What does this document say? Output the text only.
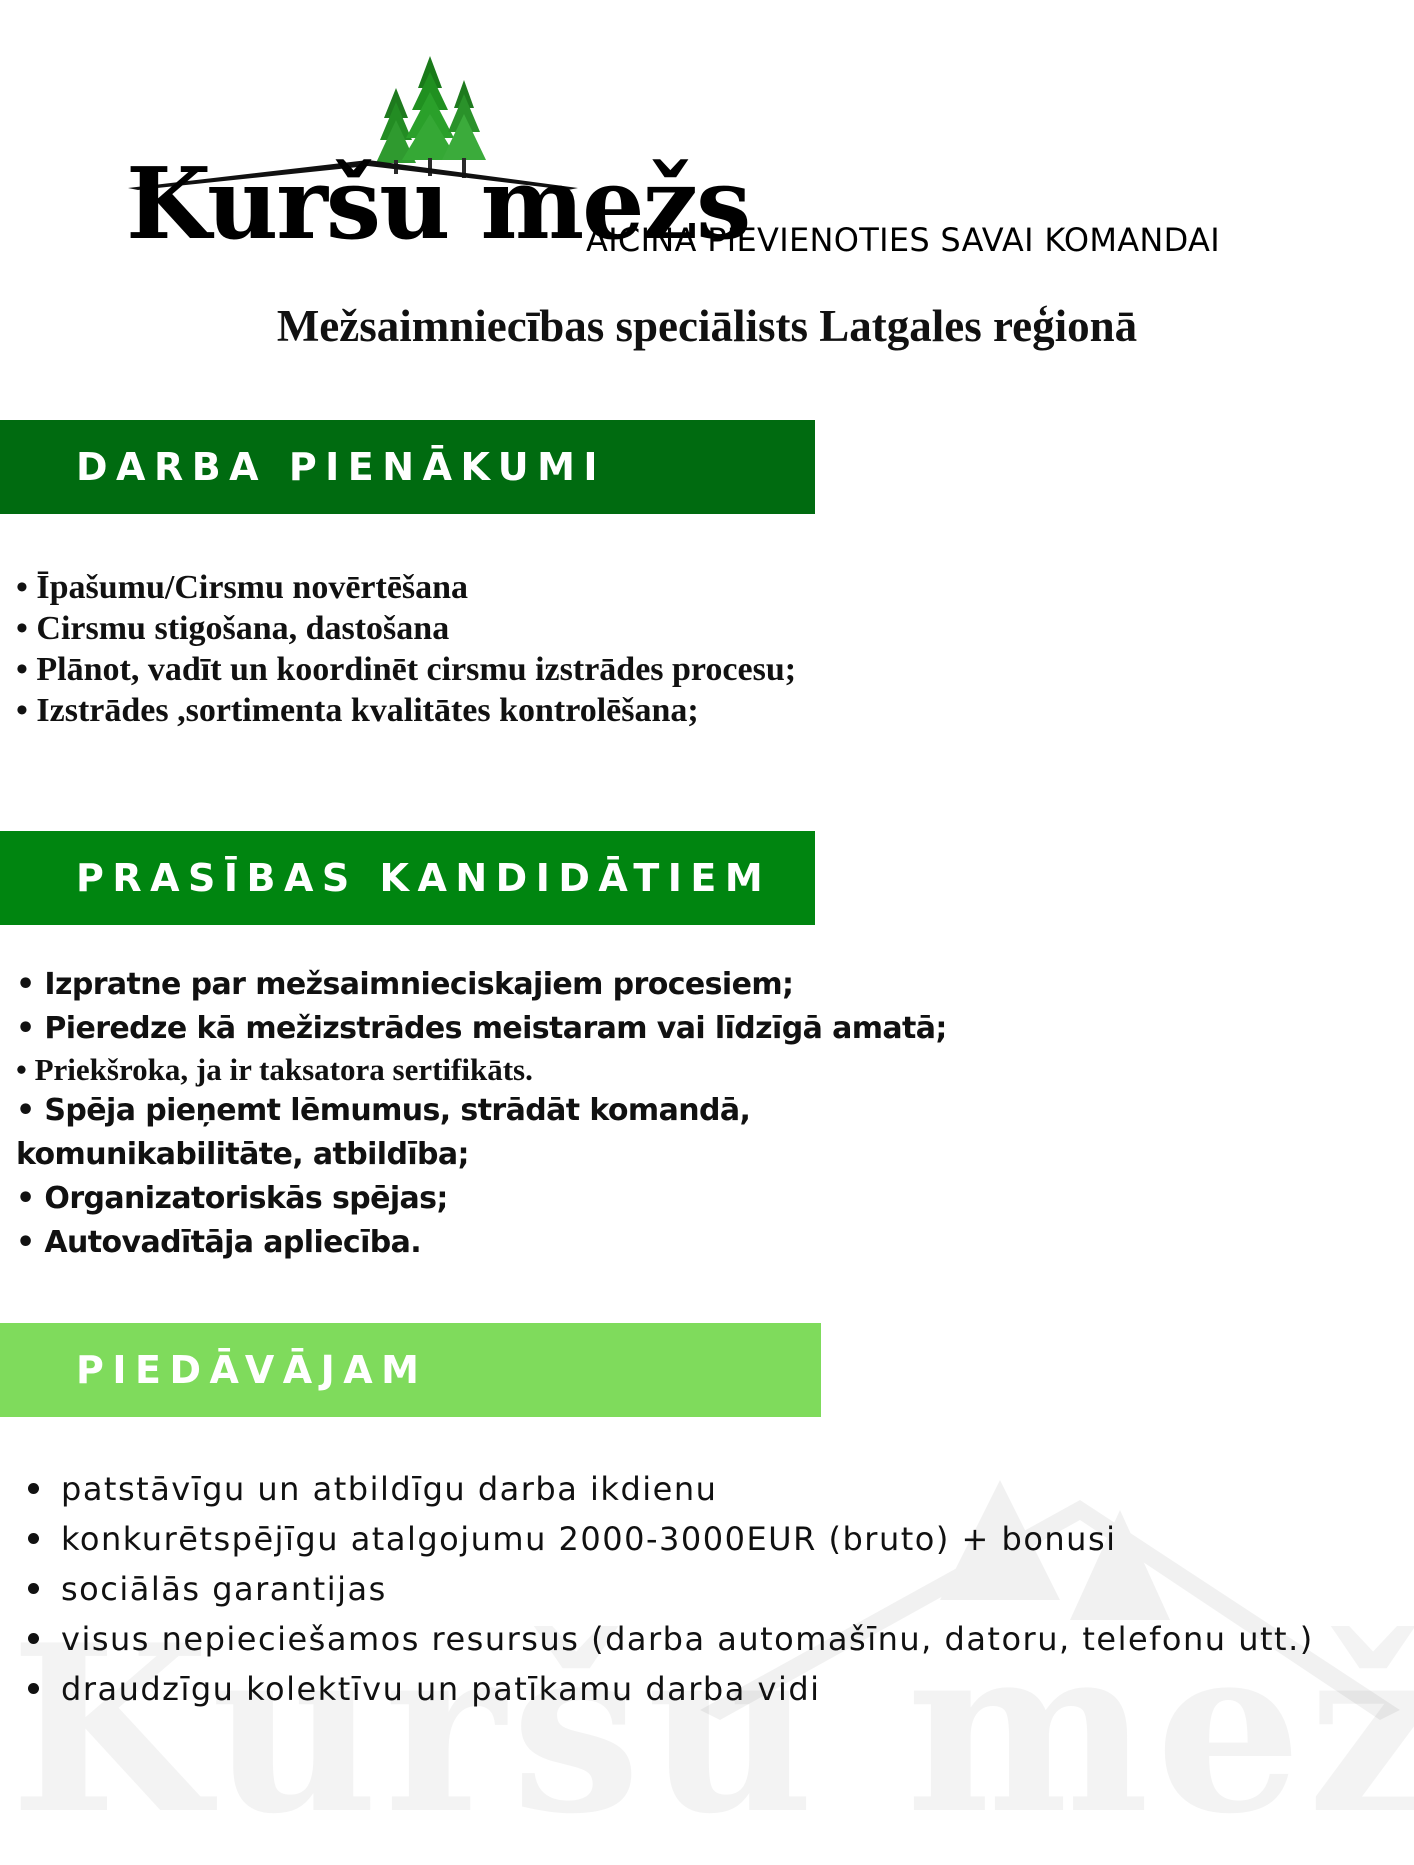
Kuršu mežs
AICINA PIEVIENOTIES SAVAI KOMANDAI
Mežsaimniecības speciālists Latgales reģionā
DARBA PIENĀKUMI
• Īpašumu/Cirsmu novērtēšana
• Cirsmu stigošana, dastošana
• Plānot, vadīt un koordinēt cirsmu izstrādes procesu;
• Izstrādes ,sortimenta kvalitātes kontrolēšana;
PRASĪBAS KANDIDĀTIEM
• Izpratne par mežsaimnieciskajiem procesiem;
• Pieredze kā mežizstrādes meistaram vai līdzīgā amatā;
• Priekšroka, ja ir taksatora sertifikāts.
• Spēja pieņemt lēmumus, strādāt komandā,
komunikabilitāte, atbildība;
• Organizatoriskās spējas;
• Autovadītāja apliecība.
PIEDĀVĀJAM
patstāvīgu un atbildīgu darba ikdienu
konkurētspējīgu atalgojumu 2000-3000EUR (bruto) + bonusi
sociālās garantijas
visus nepieciešamos resursus (darba automašīnu, datoru, telefonu utt.)
draudzīgu kolektīvu un patīkamu darba vidi
